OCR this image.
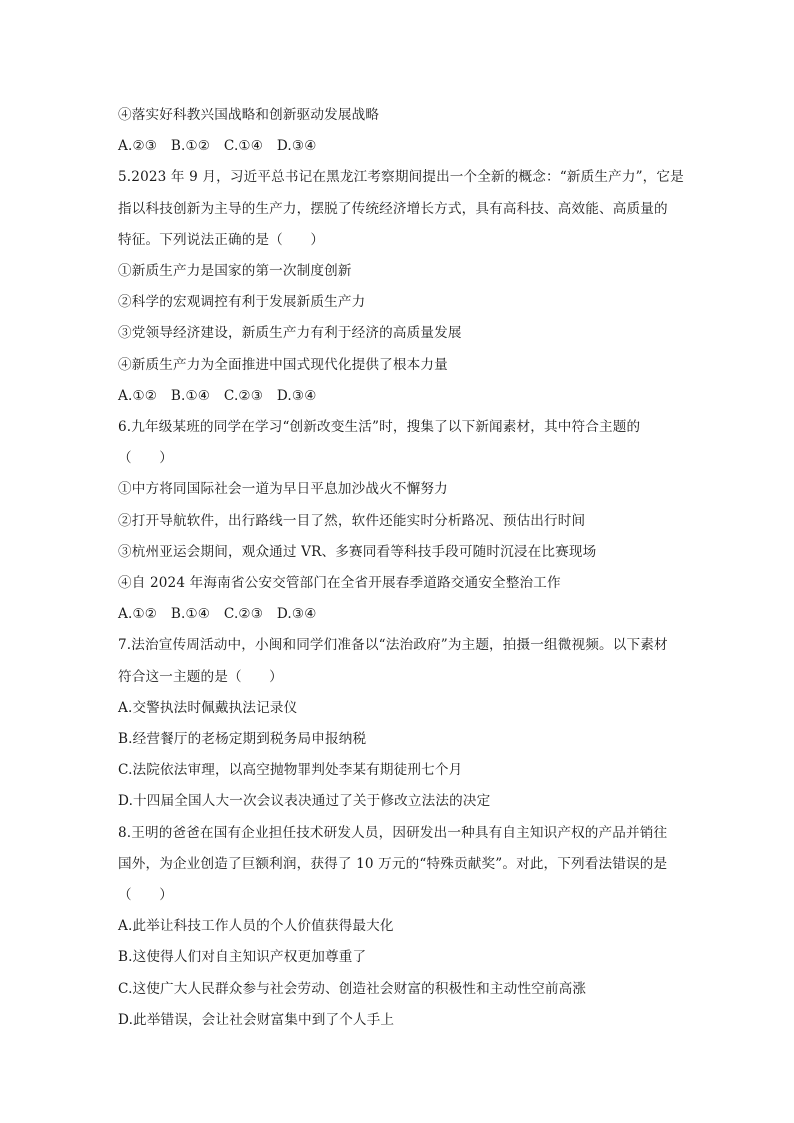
④落实好科教兴国战略和创新驱动发展战略
A.②③　B.①②　C.①④　D.③④
5.2023 年 9 月，习近平总书记在黑龙江考察期间提出一个全新的概念：“新质生产力”，它是
指以科技创新为主导的生产力，摆脱了传统经济增长方式，具有高科技、高效能、高质量的
特征。下列说法正确的是（　　）
①新质生产力是国家的第一次制度创新
②科学的宏观调控有利于发展新质生产力
③党领导经济建设，新质生产力有利于经济的高质量发展
④新质生产力为全面推进中国式现代化提供了根本力量
A.①②　B.①④　C.②③　D.③④
6.九年级某班的同学在学习“创新改变生活”时，搜集了以下新闻素材，其中符合主题的
（　　）
①中方将同国际社会一道为早日平息加沙战火不懈努力
②打开导航软件，出行路线一目了然，软件还能实时分析路况、预估出行时间
③杭州亚运会期间，观众通过 VR、多赛同看等科技手段可随时沉浸在比赛现场
④自 2024 年海南省公安交管部门在全省开展春季道路交通安全整治工作
A.①②　B.①④　C.②③　D.③④
7.法治宣传周活动中，小闽和同学们准备以“法治政府”为主题，拍摄一组微视频。以下素材
符合这一主题的是（　　）
A.交警执法时佩戴执法记录仪
B.经营餐厅的老杨定期到税务局申报纳税
C.法院依法审理，以高空抛物罪判处李某有期徒刑七个月
D.十四届全国人大一次会议表决通过了关于修改立法法的决定
8.王明的爸爸在国有企业担任技术研发人员，因研发出一种具有自主知识产权的产品并销往
国外，为企业创造了巨额利润，获得了 10 万元的“特殊贡献奖”。对此，下列看法错误的是
（　　）
A.此举让科技工作人员的个人价值获得最大化
B.这使得人们对自主知识产权更加尊重了
C.这使广大人民群众参与社会劳动、创造社会财富的积极性和主动性空前高涨
D.此举错误，会让社会财富集中到了个人手上
